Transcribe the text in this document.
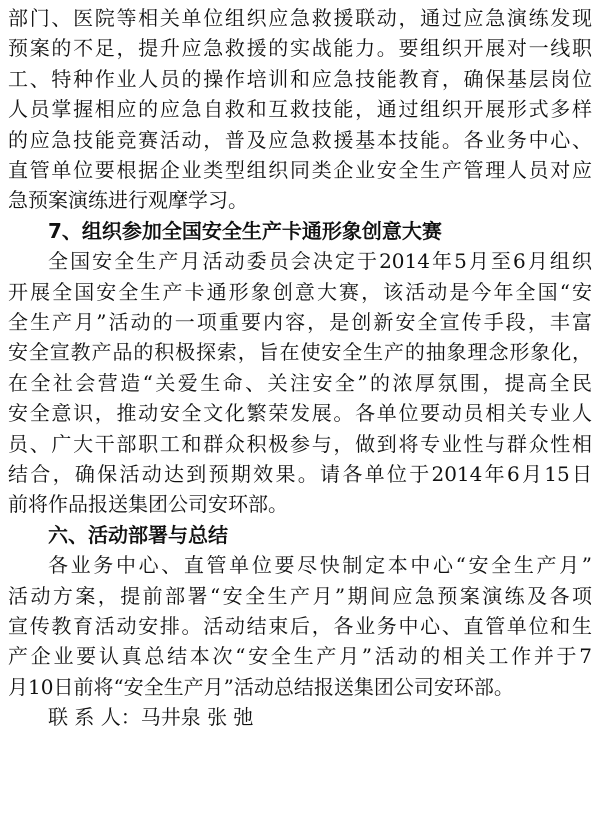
部门、医院等相关单位组织应急救援联动，通过应急演练发现
预案的不足，提升应急救援的实战能力。要组织开展对一线职
工、特种作业人员的操作培训和应急技能教育，确保基层岗位
人员掌握相应的应急自救和互救技能，通过组织开展形式多样
的应急技能竞赛活动，普及应急救援基本技能。各业务中心、
直管单位要根据企业类型组织同类企业安全生产管理人员对应
急预案演练进行观摩学习。
7、组织参加全国安全生产卡通形象创意大赛
全国安全生产月活动委员会决定于2014年5月至6月组织
开展全国安全生产卡通形象创意大赛，该活动是今年全国“安
全生产月”活动的一项重要内容，是创新安全宣传手段，丰富
安全宣教产品的积极探索，旨在使安全生产的抽象理念形象化，
在全社会营造“关爱生命、关注安全”的浓厚氛围，提高全民
安全意识，推动安全文化繁荣发展。各单位要动员相关专业人
员、广大干部职工和群众积极参与，做到将专业性与群众性相
结合，确保活动达到预期效果。请各单位于2014年6月15日
前将作品报送集团公司安环部。
六、活动部署与总结
各业务中心、直管单位要尽快制定本中心“安全生产月”
活动方案，提前部署“安全生产月”期间应急预案演练及各项
宣传教育活动安排。活动结束后，各业务中心、直管单位和生
产企业要认真总结本次“安全生产月”活动的相关工作并于7
月10日前将“安全生产月”活动总结报送集团公司安环部。
联 系 人：马井泉 张 弛
